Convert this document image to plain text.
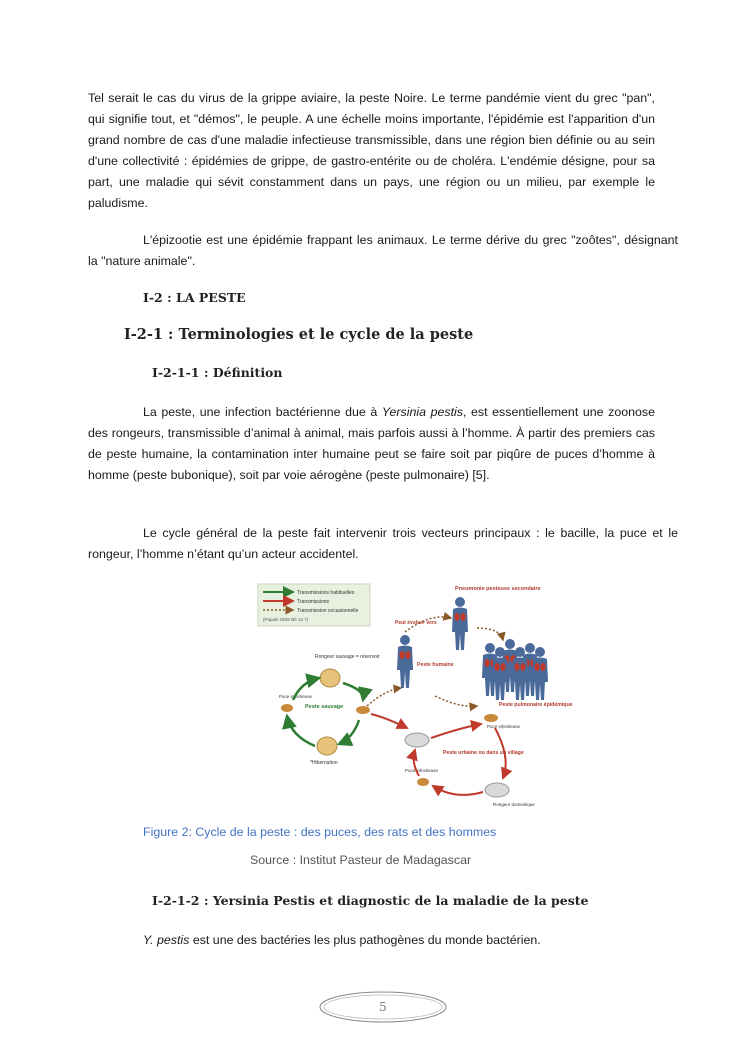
Tel serait le cas du virus de la grippe aviaire, la peste Noire. Le terme pandémie vient du grec "pan", qui signifie tout, et "démos", le peuple. A une échelle moins importante, l'épidémie est l'apparition d'un grand nombre de cas d'une maladie infectieuse transmissible, dans une région bien définie ou au sein d'une collectivité : épidémies de grippe, de gastro-entérite ou de choléra. L'endémie désigne, pour sa part, une maladie qui sévit constamment dans un pays, une région ou un milieu, par exemple le paludisme.

L'épizootie est une épidémie frappant les animaux. Le terme dérive du grec "zoôtes", désignant la "nature animale".

I-2 : LA PESTE
I-2-1 : Terminologies et le cycle de la peste
I-2-1-1 : Définition

La peste, une infection bactérienne due à Yersinia pestis, est essentiellement une zoonose des rongeurs, transmissible d’animal à animal, mais parfois aussi à l’homme. À partir des premiers cas de peste humaine, la contamination inter humaine peut se faire soit par piqûre de puces d’homme à homme (peste bubonique), soit par voie aérogène (peste pulmonaire) [5].

Le cycle général de la peste fait intervenir trois vecteurs principaux : le bacille, la puce et le rongeur, l’homme n’étant qu’un acteur accidentel.

Transmissions habituelles
Transmissions
Transmission occasionnelle
(Papalo OMS Bé 12 ?)
Pneumonie pesteuse secondaire
Peut évoluer vers
Peste pulmonaire épidémique
Peste humaine
Rongeur sauvage = réservoir
Puce infectieuse
*Hibernation
Peste sauvage
Puce infectieuse
Puce infectieuse
Rongeur domestique
Peste urbaine ou dans un village

Figure 2: Cycle de la peste : des puces, des rats et des hommes

Source : Institut Pasteur de Madagascar

I-2-1-2 : Yersinia Pestis et diagnostic de la maladie de la peste

Y. pestis est une des bactéries les plus pathogènes du monde bactérien.

5
